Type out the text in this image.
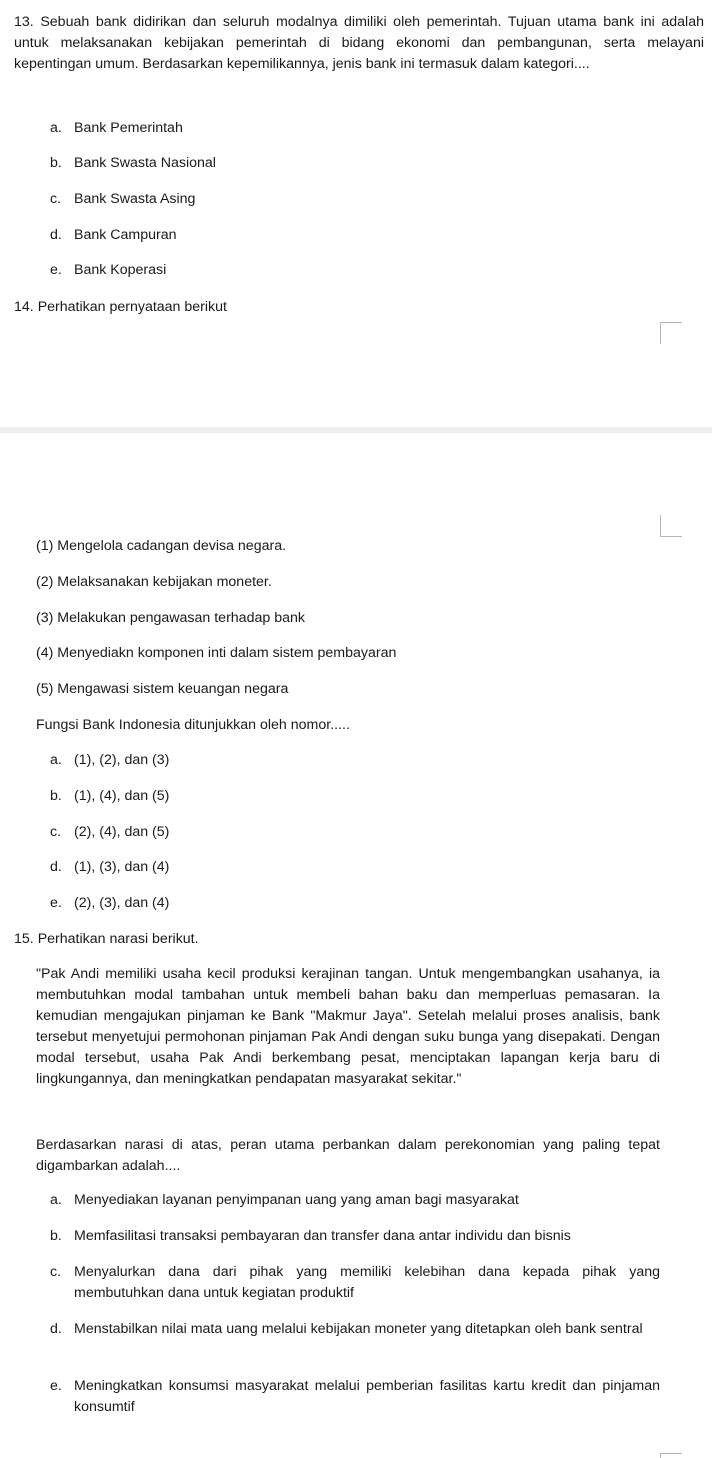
13. Sebuah bank didirikan dan seluruh modalnya dimiliki oleh pemerintah. Tujuan utama bank ini adalah untuk melaksanakan kebijakan pemerintah di bidang ekonomi dan pembangunan, serta melayani kepentingan umum. Berdasarkan kepemilikannya, jenis bank ini termasuk dalam kategori....
a. Bank Pemerintah
b. Bank Swasta Nasional
c. Bank Swasta Asing
d. Bank Campuran
e. Bank Koperasi
14. Perhatikan pernyataan berikut
(1) Mengelola cadangan devisa negara.
(2) Melaksanakan kebijakan moneter.
(3) Melakukan pengawasan terhadap bank
(4) Menyediakn komponen inti dalam sistem pembayaran
(5) Mengawasi sistem keuangan negara
Fungsi Bank Indonesia ditunjukkan oleh nomor.....
a. (1), (2), dan (3)
b. (1), (4), dan (5)
c. (2), (4), dan (5)
d. (1), (3), dan (4)
e. (2), (3), dan (4)
15. Perhatikan narasi berikut.
"Pak Andi memiliki usaha kecil produksi kerajinan tangan. Untuk mengembangkan usahanya, ia membutuhkan modal tambahan untuk membeli bahan baku dan memperluas pemasaran. Ia kemudian mengajukan pinjaman ke Bank "Makmur Jaya". Setelah melalui proses analisis, bank tersebut menyetujui permohonan pinjaman Pak Andi dengan suku bunga yang disepakati. Dengan modal tersebut, usaha Pak Andi berkembang pesat, menciptakan lapangan kerja baru di lingkungannya, dan meningkatkan pendapatan masyarakat sekitar."
Berdasarkan narasi di atas, peran utama perbankan dalam perekonomian yang paling tepat digambarkan adalah....
a. Menyediakan layanan penyimpanan uang yang aman bagi masyarakat
b. Memfasilitasi transaksi pembayaran dan transfer dana antar individu dan bisnis
c. Menyalurkan dana dari pihak yang memiliki kelebihan dana kepada pihak yang membutuhkan dana untuk kegiatan produktif
d. Menstabilkan nilai mata uang melalui kebijakan moneter yang ditetapkan oleh bank sentral
e. Meningkatkan konsumsi masyarakat melalui pemberian fasilitas kartu kredit dan pinjaman konsumtif
